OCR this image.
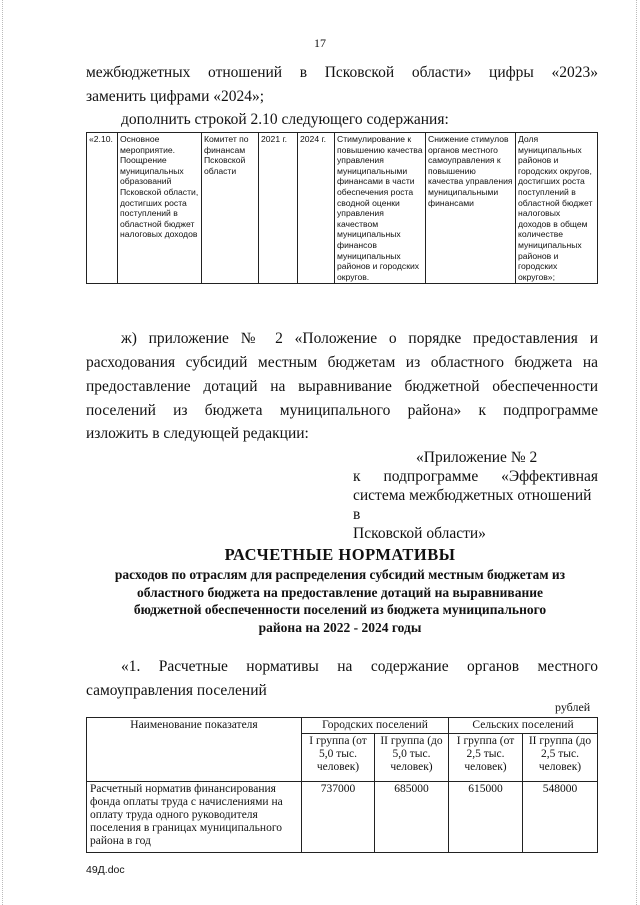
17
межбюджетных отношений в Псковской области» цифры «2023»
заменить цифрами «2024»;
дополнить строкой 2.10 следующего содержания:
«2.10.	Основное мероприятие. Поощрение муниципальных образований Псковской области, достигших роста поступлений в областной бюджет налоговых доходов	Комитет по финансам Псковской области	2021 г.	2024 г.	Стимулирование к повышению качества управления муниципальными финансами в части обеспечения роста сводной оценки управления качеством муниципальных финансов муниципальных районов и городских округов.	Снижение стимулов органов местного самоуправления к повышению качества управления муниципальными финансами	Доля муниципальных районов и городских округов, достигших роста поступлений в областной бюджет налоговых доходов в общем количестве муниципальных районов и городских округов»;
ж) приложение № 2 «Положение о порядке предоставления и
расходования субсидий местным бюджетам из областного бюджета на
предоставление дотаций на выравнивание бюджетной обеспеченности
поселений из бюджета муниципального района» к подпрограмме
изложить в следующей редакции:
«Приложение № 2
к подпрограмме «Эффективная
система межбюджетных отношений в
Псковской области»
РАСЧЕТНЫЕ НОРМАТИВЫ
расходов по отраслям для распределения субсидий местным бюджетам из
областного бюджета на предоставление дотаций на выравнивание
бюджетной обеспеченности поселений из бюджета муниципального
района на 2022 - 2024 годы
«1. Расчетные нормативы на содержание органов местного
самоуправления поселений
рублей
Наименование показателя	Городских поселений		Сельских поселений	
	I группа (от 5,0 тыс. человек)	II группа (до 5,0 тыс. человек)	I группа (от 2,5 тыс. человек)	II группа (до 2,5 тыс. человек)
Расчетный норматив финансирования фонда оплаты труда с начислениями на оплату труда одного руководителя поселения в границах муниципального района в год	737000	685000	615000	548000
49Д.doc
